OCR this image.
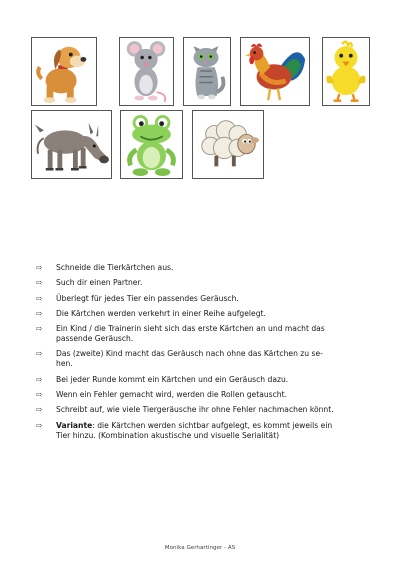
⇨	Schneide die Tierkärtchen aus.
⇨	Such dir einen Partner.
⇨	Überlegt für jedes Tier ein passendes Geräusch.
⇨	Die Kärtchen werden verkehrt in einer Reihe aufgelegt.
⇨	Ein Kind / die Trainerin sieht sich das erste Kärtchen an und macht das passende Geräusch.
⇨	Das (zweite) Kind macht das Geräusch nach ohne das Kärtchen zu se-hen.
⇨	Bei jeder Runde kommt ein Kärtchen und ein Geräusch dazu.
⇨	Wenn ein Fehler gemacht wird, werden die Rollen getauscht.
⇨	Schreibt auf, wie viele Tiergeräusche ihr ohne Fehler nachmachen könnt.
⇨	Variante: die Kärtchen werden sichtbar aufgelegt, es kommt jeweils ein Tier hinzu. (Kombination akustische und visuelle Serialität)
Monika Gerhartinger - AS
